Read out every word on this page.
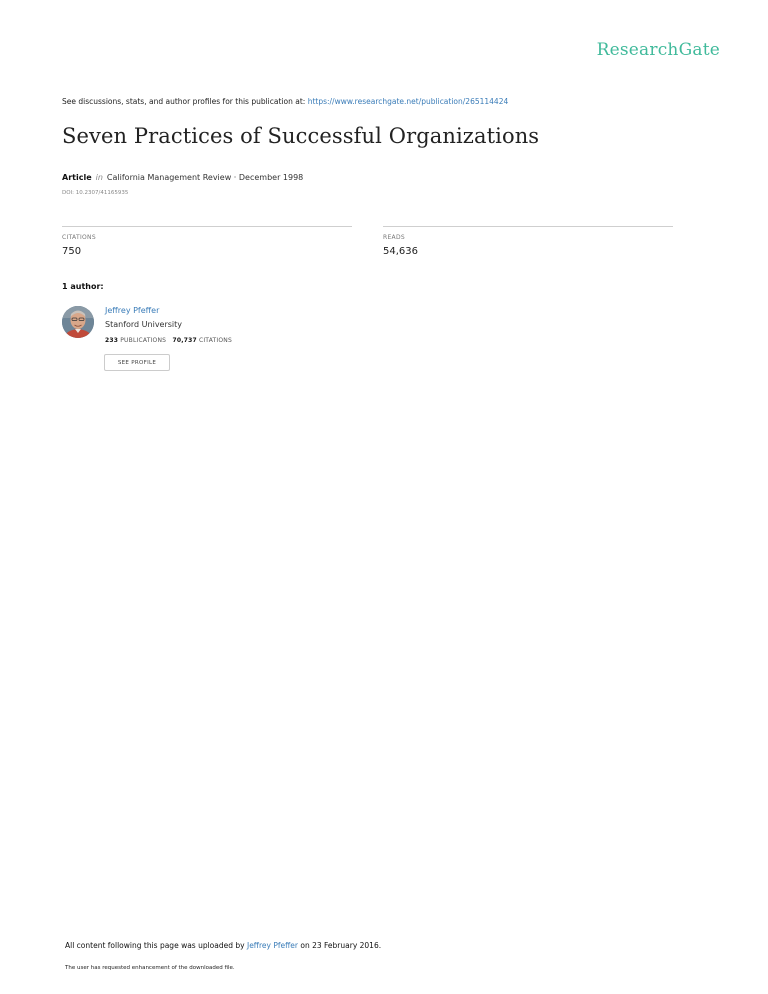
ResearchGate
See discussions, stats, and author profiles for this publication at: https://www.researchgate.net/publication/265114424
Seven Practices of Successful Organizations
Article in California Management Review · December 1998
DOI: 10.2307/41165935
CITATIONS
750
READS
54,636
1 author:
Jeffrey Pfeffer
Stanford University
233 PUBLICATIONS 70,737 CITATIONS
SEE PROFILE
All content following this page was uploaded by Jeffrey Pfeffer on 23 February 2016.
The user has requested enhancement of the downloaded file.
